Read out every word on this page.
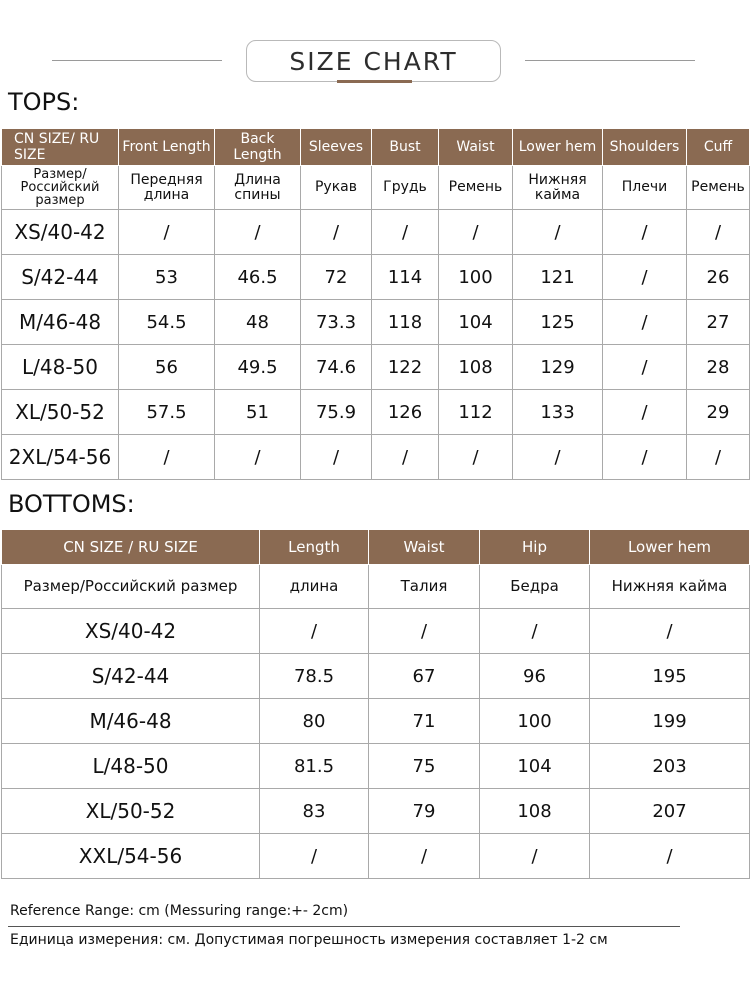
SIZE CHART
TOPS:
CN SIZE/ RU SIZE	Front Length	Back Length	Sleeves	Bust	Waist	Lower hem	Shoulders	Cuff
Размер/ Российский размер	Передняя длина	Длина спины	Рукав	Грудь	Ремень	Нижняя кайма	Плечи	Ремень
XS/40-42	/	/	/	/	/	/	/	/
S/42-44	53	46.5	72	114	100	121	/	26
M/46-48	54.5	48	73.3	118	104	125	/	27
L/48-50	56	49.5	74.6	122	108	129	/	28
XL/50-52	57.5	51	75.9	126	112	133	/	29
2XL/54-56	/	/	/	/	/	/	/	/
BOTTOMS:
CN SIZE / RU SIZE	Length	Waist	Hip	Lower hem
Размер/Российский размер	длина	Талия	Бедра	Нижняя кайма
XS/40-42	/	/	/	/
S/42-44	78.5	67	96	195
M/46-48	80	71	100	199
L/48-50	81.5	75	104	203
XL/50-52	83	79	108	207
XXL/54-56	/	/	/	/
Reference Range: cm (Messuring range:+- 2cm)
Единица измерения: см. Допустимая погрешность измерения составляет 1-2 см
